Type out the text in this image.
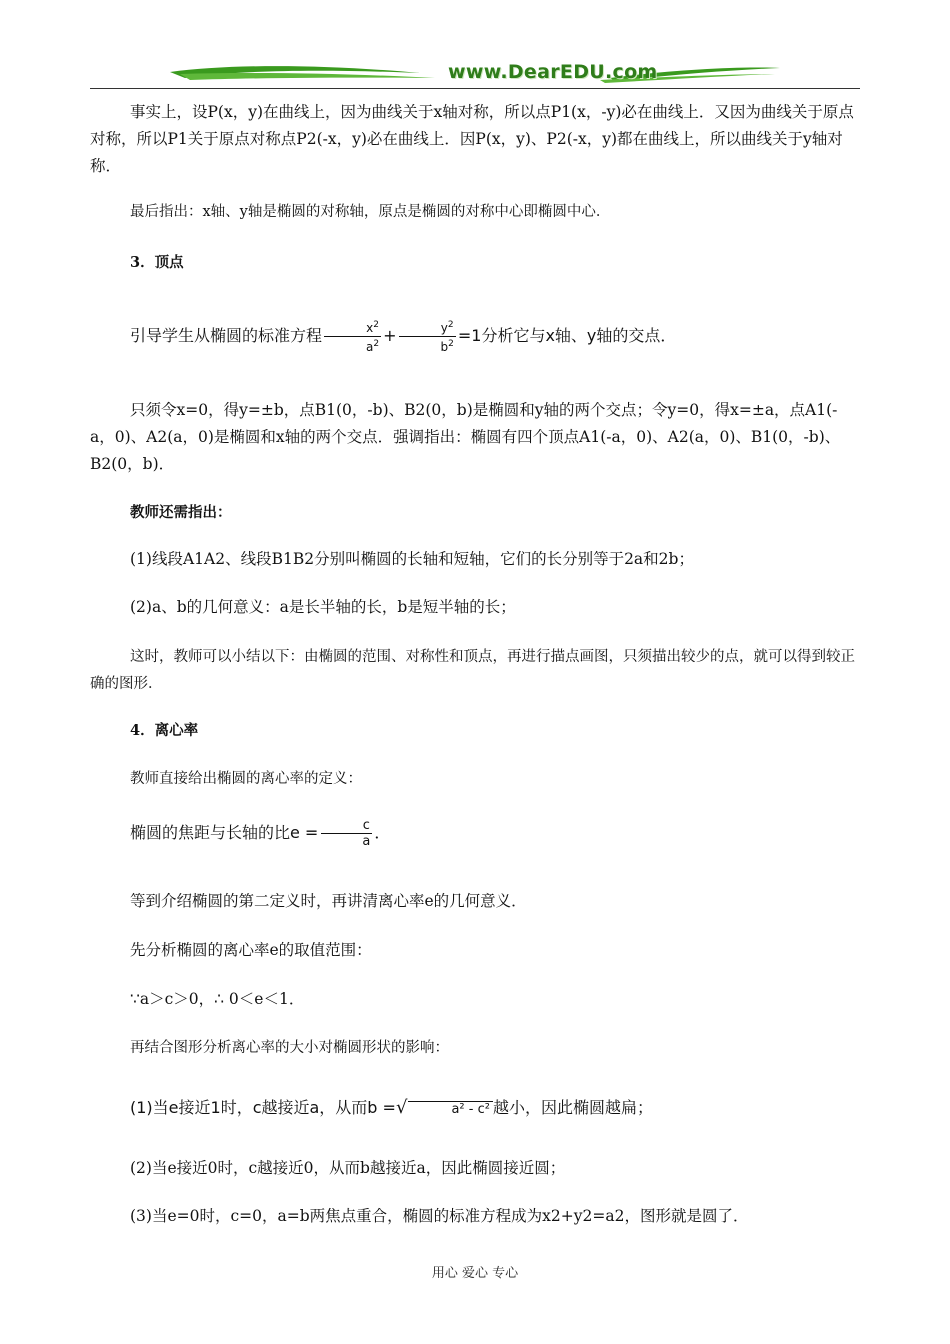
www.DearEDU.com

事实上，设P(x，y)在曲线上，因为曲线关于x轴对称，所以点P1(x，-y)必在曲线上．又因为曲线关于原点对称，所以P1关于原点对称点P2(-x，y)必在曲线上．因P(x，y)、P2(-x，y)都在曲线上，所以曲线关于y轴对称．

最后指出：x轴、y轴是椭圆的对称轴，原点是椭圆的对称中心即椭圆中心．

3．顶点

引导学生从椭圆的标准方程 $\frac{x^2}{a^2} + \frac{y^2}{b^2} =1$分析它与x轴、y轴的交点．

只须令x=0，得y=±b，点B1(0，-b)、B2(0，b)是椭圆和y轴的两个交点；令y=0，得x=±a，点A1(-a，0)、A2(a，0)是椭圆和x轴的两个交点．强调指出：椭圆有四个顶点A1(-a，0)、A2(a，0)、B1(0，-b)、B2(0，b)．

教师还需指出：

(1)线段A1A2、线段B1B2分别叫椭圆的长轴和短轴，它们的长分别等于2a和2b；

(2)a、b的几何意义：a是长半轴的长，b是短半轴的长；

这时，教师可以小结以下：由椭圆的范围、对称性和顶点，再进行描点画图，只须描出较少的点，就可以得到较正确的图形．

4．离心率

教师直接给出椭圆的离心率的定义：

椭圆的焦距与长轴的比$e = \frac{c}{a}$ ．

等到介绍椭圆的第二定义时，再讲清离心率e的几何意义．

先分析椭圆的离心率e的取值范围：

∵a＞c＞0，∴ 0＜e＜1．

再结合图形分析离心率的大小对椭圆形状的影响：

(1)当e接近1时，c越接近a，从而b =√	a² - c² 越小，因此椭圆越扁；

(2)当e接近0时，c越接近0，从而b越接近a，因此椭圆接近圆；

(3)当e=0时，c=0，a=b两焦点重合，椭圆的标准方程成为x2+y2=a2，图形就是圆了．

用心 爱心 专心
